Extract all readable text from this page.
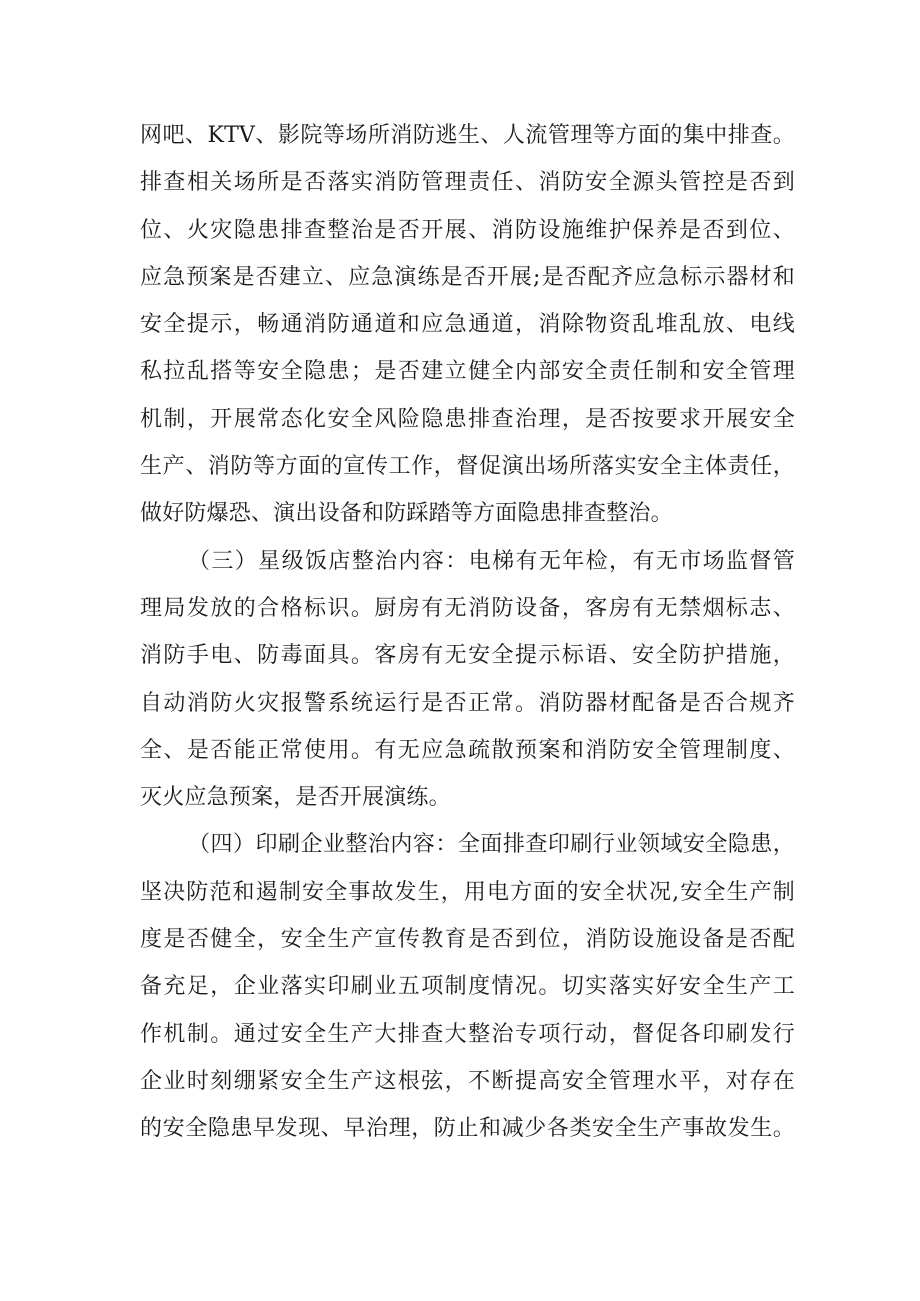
网吧、KTV、影院等场所消防逃生、人流管理等方面的集中排查。
排查相关场所是否落实消防管理责任、消防安全源头管控是否到
位、火灾隐患排查整治是否开展、消防设施维护保养是否到位、
应急预案是否建立、应急演练是否开展;是否配齐应急标示器材和
安全提示，畅通消防通道和应急通道，消除物资乱堆乱放、电线
私拉乱搭等安全隐患；是否建立健全内部安全责任制和安全管理
机制，开展常态化安全风险隐患排查治理，是否按要求开展安全
生产、消防等方面的宣传工作，督促演出场所落实安全主体责任，
做好防爆恐、演出设备和防踩踏等方面隐患排查整治。
（三）星级饭店整治内容：电梯有无年检，有无市场监督管
理局发放的合格标识。厨房有无消防设备，客房有无禁烟标志、
消防手电、防毒面具。客房有无安全提示标语、安全防护措施，
自动消防火灾报警系统运行是否正常。消防器材配备是否合规齐
全、是否能正常使用。有无应急疏散预案和消防安全管理制度、
灭火应急预案，是否开展演练。
（四）印刷企业整治内容：全面排查印刷行业领域安全隐患，
坚决防范和遏制安全事故发生，用电方面的安全状况,安全生产制
度是否健全，安全生产宣传教育是否到位，消防设施设备是否配
备充足，企业落实印刷业五项制度情况。切实落实好安全生产工
作机制。通过安全生产大排查大整治专项行动，督促各印刷发行
企业时刻绷紧安全生产这根弦，不断提高安全管理水平，对存在
的安全隐患早发现、早治理，防止和减少各类安全生产事故发生。
